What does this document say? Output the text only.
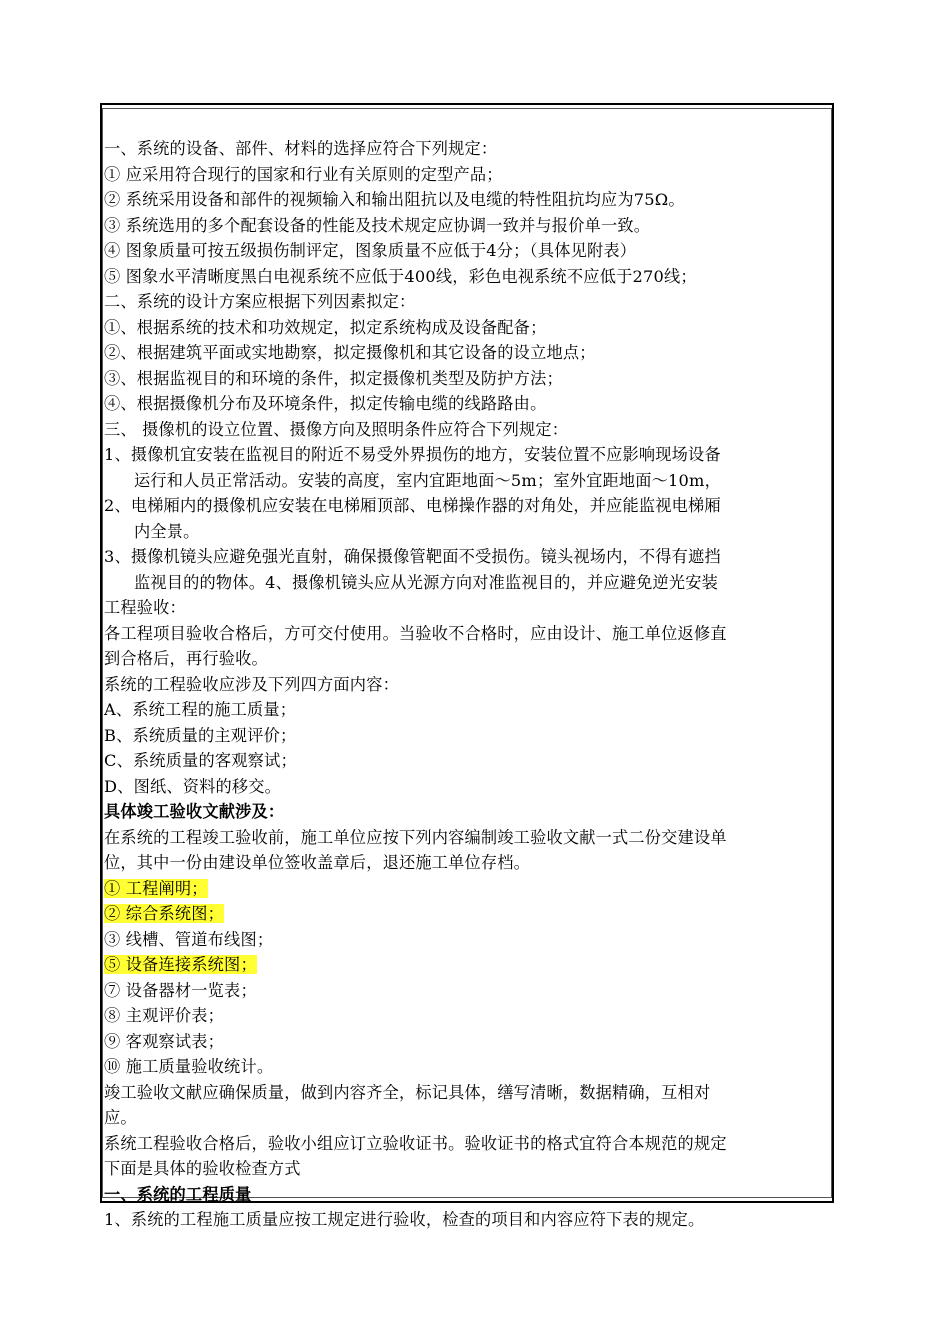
一、系统的设备、部件、材料的选择应符合下列规定：
① 应采用符合现行的国家和行业有关原则的定型产品；
② 系统采用设备和部件的视频输入和输出阻抗以及电缆的特性阻抗均应为75Ω。
③ 系统选用的多个配套设备的性能及技术规定应协调一致并与报价单一致。
④ 图象质量可按五级损伤制评定，图象质量不应低于4分；（具体见附表）
⑤ 图象水平清晰度黑白电视系统不应低于400线，彩色电视系统不应低于270线；
二、系统的设计方案应根据下列因素拟定：
①、根据系统的技术和功效规定，拟定系统构成及设备配备；
②、根据建筑平面或实地勘察，拟定摄像机和其它设备的设立地点；
③、根据监视目的和环境的条件，拟定摄像机类型及防护方法；
④、根据摄像机分布及环境条件，拟定传输电缆的线路路由。
三、 摄像机的设立位置、摄像方向及照明条件应符合下列规定：
1、摄像机宜安装在监视目的附近不易受外界损伤的地方，安装位置不应影响现场设备
运行和人员正常活动。安装的高度，室内宜距地面～5m；室外宜距地面～10m，
2、电梯厢内的摄像机应安装在电梯厢顶部、电梯操作器的对角处，并应能监视电梯厢
内全景。
3、摄像机镜头应避免强光直射，确保摄像管靶面不受损伤。镜头视场内，不得有遮挡
监视目的的物体。4、摄像机镜头应从光源方向对准监视目的，并应避免逆光安装
工程验收：
各工程项目验收合格后，方可交付使用。当验收不合格时，应由设计、施工单位返修直
到合格后，再行验收。
系统的工程验收应涉及下列四方面内容：
A、系统工程的施工质量；
B、系统质量的主观评价；
C、系统质量的客观察试；
D、图纸、资料的移交。
具体竣工验收文献涉及：
在系统的工程竣工验收前，施工单位应按下列内容编制竣工验收文献一式二份交建设单
位，其中一份由建设单位签收盖章后，退还施工单位存档。
① 工程阐明；
② 综合系统图；
③ 线槽、管道布线图；
⑤ 设备连接系统图；
⑦ 设备器材一览表；
⑧ 主观评价表；
⑨ 客观察试表；
⑩ 施工质量验收统计。
竣工验收文献应确保质量，做到内容齐全，标记具体，缮写清晰，数据精确，互相对
应。
系统工程验收合格后，验收小组应订立验收证书。验收证书的格式宜符合本规范的规定
下面是具体的验收检查方式
一、系统的工程质量
1、系统的工程施工质量应按工规定进行验收，检查的项目和内容应符下表的规定。
